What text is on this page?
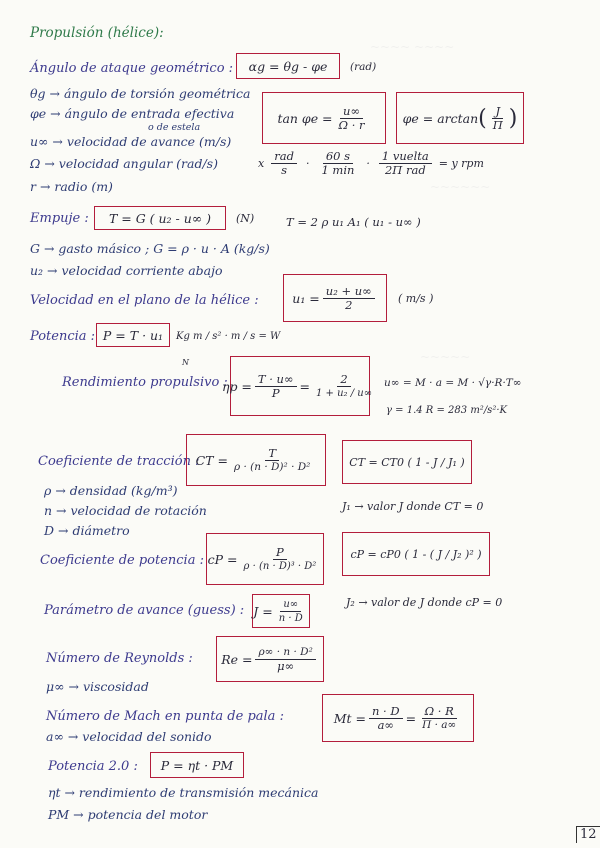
~~~~ ~~~~
~~~~~~
~~~~~
Propulsión (hélice):
Ángulo de ataque geométrico : αg = θg - φe (rad)
θg → ángulo de torsión geométrica
φe → ángulo de entrada efectiva
o de estela
$\tan \varphi e = \frac{u\infty}{\Omega \cdot r}$	φe = arctan ( $\frac{J}{\Pi}$ )
u∞ → velocidad de avance (m/s)
Ω → velocidad angular (rad/s)	x $\frac{\text{rad}}{s} \cdot \frac{60 s}{1 \min} \cdot \frac{\text{1 vuelta}}{\text{2Π rad}} = y$ rpm
r → radio (m)
Empuje : T = G ( u₂ - u∞ ) (N)	T = 2 ρ u₁ A₁ ( u₁ - u∞ )
G → gasto másico ; G = ρ · u · A (kg/s)
u₂ → velocidad corriente abajo
Velocidad en el plano de la hélice :	$u_1 = \frac{\text{u₂ + u∞}}{2}$ ( m/s )
Potencia : P = T · u₁ Kg m / s² · m / s = W
N
Rendimiento propulsivo :
$\eta p = \frac{T \cdot u\infty}{P} = \frac{2}{\text{1 + u₂ / u∞}} u\infty = M \cdot a = M \cdot √\gamma\cdot R\cdot T\infty$
γ = 1.4 R = 283 m²/s²·K
Coeficiente de tracción :
CT = $\frac{T}{\text{ρ · (n · D)² · D²}}$	CT = CT0 ( 1 - J / J₁ )
ρ → densidad (kg/m³)
n → velocidad de rotación
D → diámetro
J₁ → valor J donde CT = 0
Coeficiente de potencia : cP = $\frac{P}{\text{ρ · (n · D)³ · D²}}$	cP = cP0 ( 1 - ( J / J₂ )² )
J₂ → valor de J donde cP = 0
Parámetro de avance (guess) : $J = \frac{u\infty}{n \cdot D}$
Número de Reynolds : $Re = \frac{\text{ρ∞ · n · D²}}{\mu\infty}$
μ∞ → viscosidad
Número de Mach en punta de pala :	$Mt = \frac{n \cdot D}{a\infty} = \frac{\Omega \cdot R}{\Pi \cdot a\infty}$
a∞ → velocidad del sonido
Potencia 2.0 : P = ηt · PM
ηt → rendimiento de transmisión mecánica
PM → potencia del motor
12
